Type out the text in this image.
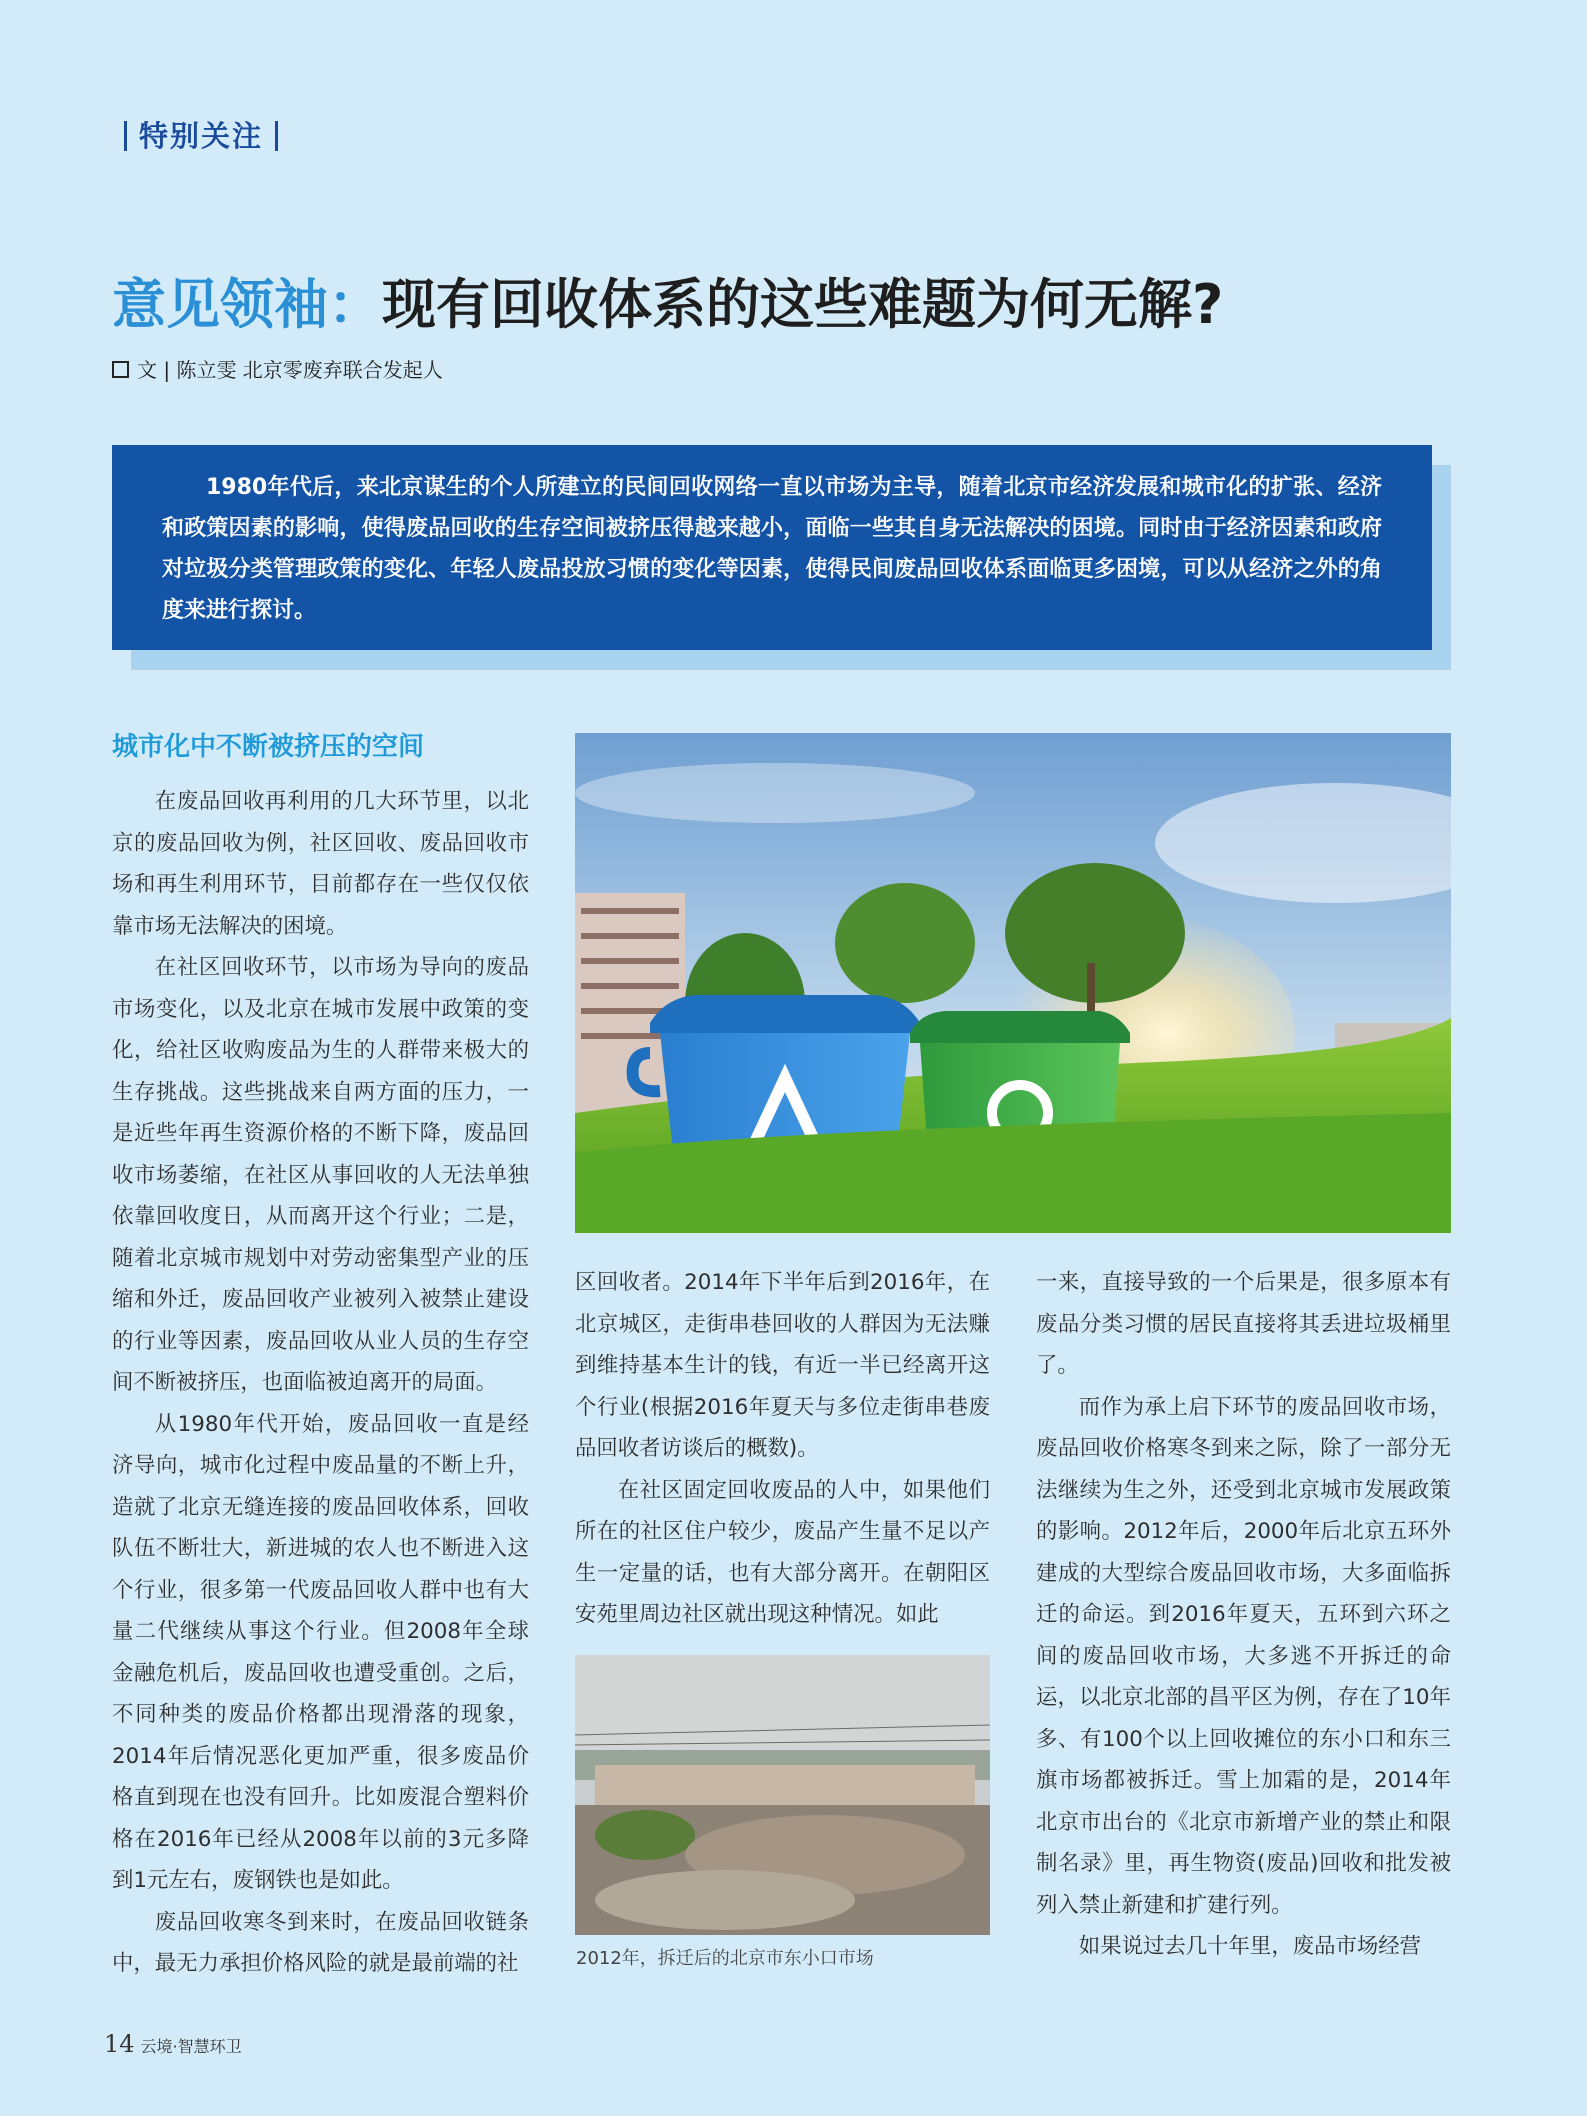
特别关注
意见领袖：现有回收体系的这些难题为何无解?
文 | 陈立雯 北京零废弃联合发起人

1980年代后，来北京谋生的个人所建立的民间回收网络一直以市场为主导，随着北京市经济发展和城市化的扩张、经济和政策因素的影响，使得废品回收的生存空间被挤压得越来越小，面临一些其自身无法解决的困境。同时由于经济因素和政府对垃圾分类管理政策的变化、年轻人废品投放习惯的变化等因素，使得民间废品回收体系面临更多困境，可以从经济之外的角度来进行探讨。

城市化中不断被挤压的空间

在废品回收再利用的几大环节里，以北京的废品回收为例，社区回收、废品回收市场和再生利用环节，目前都存在一些仅仅依靠市场无法解决的困境。

在社区回收环节，以市场为导向的废品市场变化，以及北京在城市发展中政策的变化，给社区收购废品为生的人群带来极大的生存挑战。这些挑战来自两方面的压力，一是近些年再生资源价格的不断下降，废品回收市场萎缩，在社区从事回收的人无法单独依靠回收度日，从而离开这个行业；二是，随着北京城市规划中对劳动密集型产业的压缩和外迁，废品回收产业被列入被禁止建设的行业等因素，废品回收从业人员的生存空间不断被挤压，也面临被迫离开的局面。

从1980年代开始，废品回收一直是经济导向，城市化过程中废品量的不断上升，造就了北京无缝连接的废品回收体系，回收队伍不断壮大，新进城的农人也不断进入这个行业，很多第一代废品回收人群中也有大量二代继续从事这个行业。但2008年全球金融危机后，废品回收也遭受重创。之后，不同种类的废品价格都出现滑落的现象，2014年后情况恶化更加严重，很多废品价格直到现在也没有回升。比如废混合塑料价格在2016年已经从2008年以前的3元多降到1元左右，废钢铁也是如此。

废品回收寒冬到来时，在废品回收链条中，最无力承担价格风险的就是最前端的社

区回收者。2014年下半年后到2016年，在北京城区，走街串巷回收的人群因为无法赚到维持基本生计的钱，有近一半已经离开这个行业(根据2016年夏天与多位走街串巷废品回收者访谈后的概数)。

在社区固定回收废品的人中，如果他们所在的社区住户较少，废品产生量不足以产生一定量的话，也有大部分离开。在朝阳区安苑里周边社区就出现这种情况。如此

2012年，拆迁后的北京市东小口市场

一来，直接导致的一个后果是，很多原本有废品分类习惯的居民直接将其丢进垃圾桶里了。

而作为承上启下环节的废品回收市场，废品回收价格寒冬到来之际，除了一部分无法继续为生之外，还受到北京城市发展政策的影响。2012年后，2000年后北京五环外建成的大型综合废品回收市场，大多面临拆迁的命运。到2016年夏天，五环到六环之间的废品回收市场，大多逃不开拆迁的命运，以北京北部的昌平区为例，存在了10年多、有100个以上回收摊位的东小口和东三旗市场都被拆迁。雪上加霜的是，2014年北京市出台的《北京市新增产业的禁止和限制名录》里，再生物资(废品)回收和批发被列入禁止新建和扩建行列。

如果说过去几十年里，废品市场经营

14 云境·智慧环卫
